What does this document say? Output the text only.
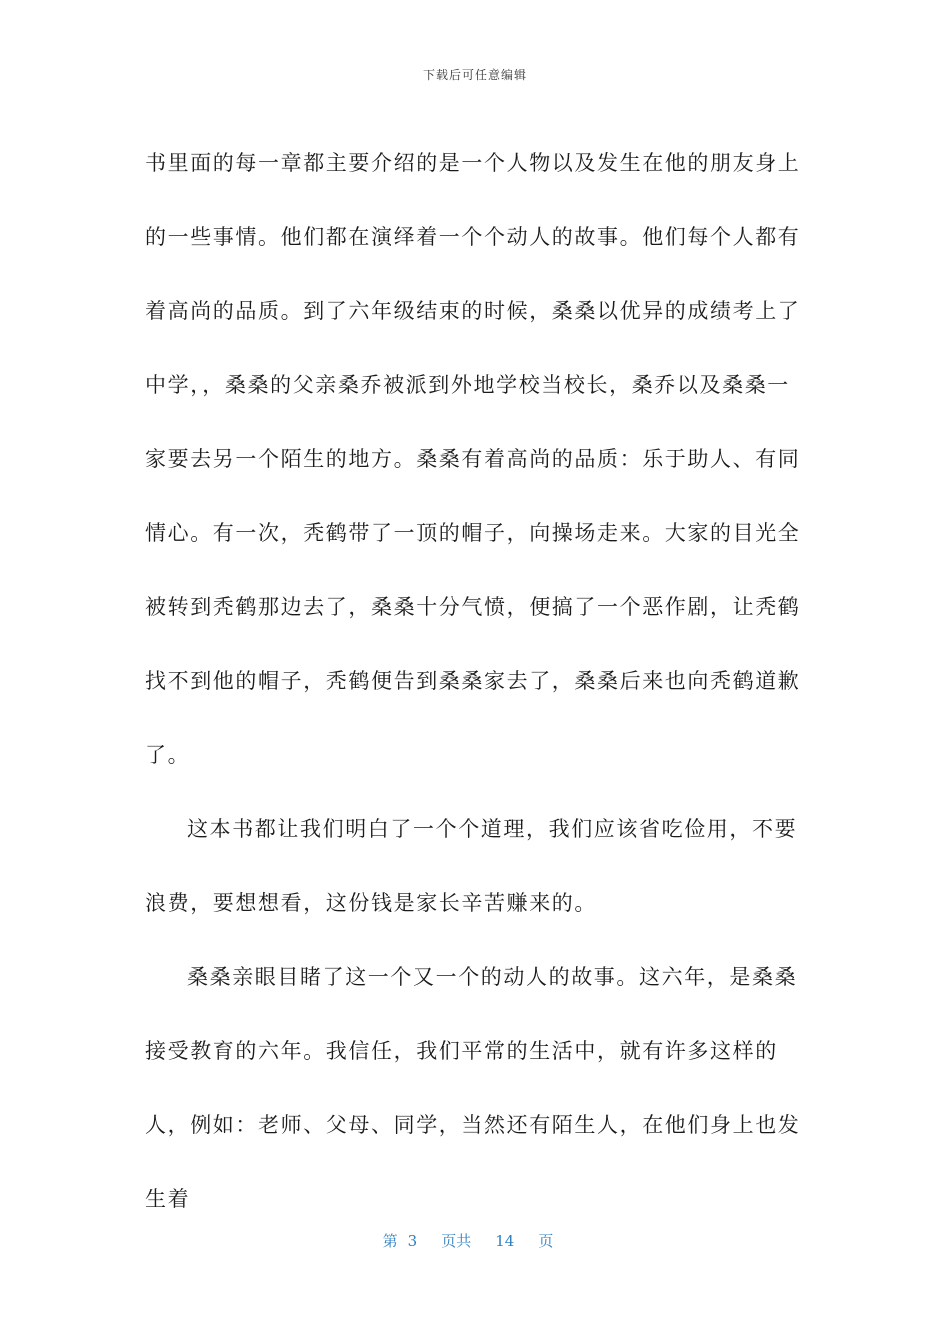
下载后可任意编辑

书里面的每一章都主要介绍的是一个人物以及发生在他的朋友身上的一些事情。他们都在演绎着一个个动人的故事。他们每个人都有着高尚的品质。到了六年级结束的时候，桑桑以优异的成绩考上了中学，，桑桑的父亲桑乔被派到外地学校当校长，桑乔以及桑桑一家要去另一个陌生的地方。桑桑有着高尚的品质：乐于助人、有同情心。有一次，秃鹤带了一顶的帽子，向操场走来。大家的目光全被转到秃鹤那边去了，桑桑十分气愤，便搞了一个恶作剧，让秃鹤找不到他的帽子，秃鹤便告到桑桑家去了，桑桑后来也向秃鹤道歉了。

这本书都让我们明白了一个个道理，我们应该省吃俭用，不要浪费，要想想看，这份钱是家长辛苦赚来的。

桑桑亲眼目睹了这一个又一个的动人的故事。这六年，是桑桑接受教育的六年。我信任，我们平常的生活中，就有许多这样的人，例如：老师、父母、同学，当然还有陌生人，在他们身上也发生着

第 3 页共 14 页
